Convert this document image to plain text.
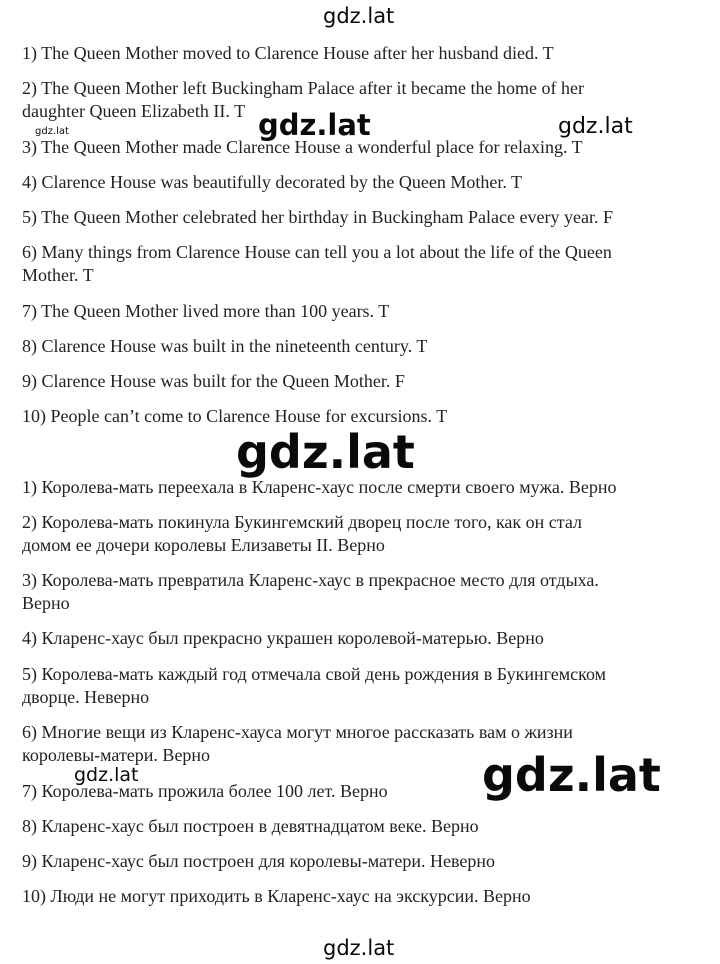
1) The Queen Mother moved to Clarence House after her husband died. T
2) The Queen Mother left Buckingham Palace after it became the home of her
daughter Queen Elizabeth II. T
3) The Queen Mother made Clarence House a wonderful place for relaxing. T
4) Clarence House was beautifully decorated by the Queen Mother. T
5) The Queen Mother celebrated her birthday in Buckingham Palace every year. F
6) Many things from Clarence House can tell you a lot about the life of the Queen
Mother. T
7) The Queen Mother lived more than 100 years. T
8) Clarence House was built in the nineteenth century. T
9) Clarence House was built for the Queen Mother. F
10) People can’t come to Clarence House for excursions. T
1) Королева-мать переехала в Кларенс-хаус после смерти своего мужа. Верно
2) Королева-мать покинула Букингемский дворец после того, как он стал
домом ее дочери королевы Елизаветы II. Верно
3) Королева-мать превратила Кларенс-хаус в прекрасное место для отдыха.
Верно
4) Кларенс-хаус был прекрасно украшен королевой-матерью. Верно
5) Королева-мать каждый год отмечала свой день рождения в Букингемском
дворце. Неверно
6) Многие вещи из Кларенс-хауса могут многое рассказать вам о жизни
королевы-матери. Верно
7) Королева-мать прожила более 100 лет. Верно
8) Кларенс-хаус был построен в девятнадцатом веке. Верно
9) Кларенс-хаус был построен для королевы-матери. Неверно
10) Люди не могут приходить в Кларенс-хаус на экскурсии. Верно
gdz.lat
gdz.lat	gdz.lat	gdz.lat
gdz.lat
gdz.lat	gdz.lat
gdz.lat
